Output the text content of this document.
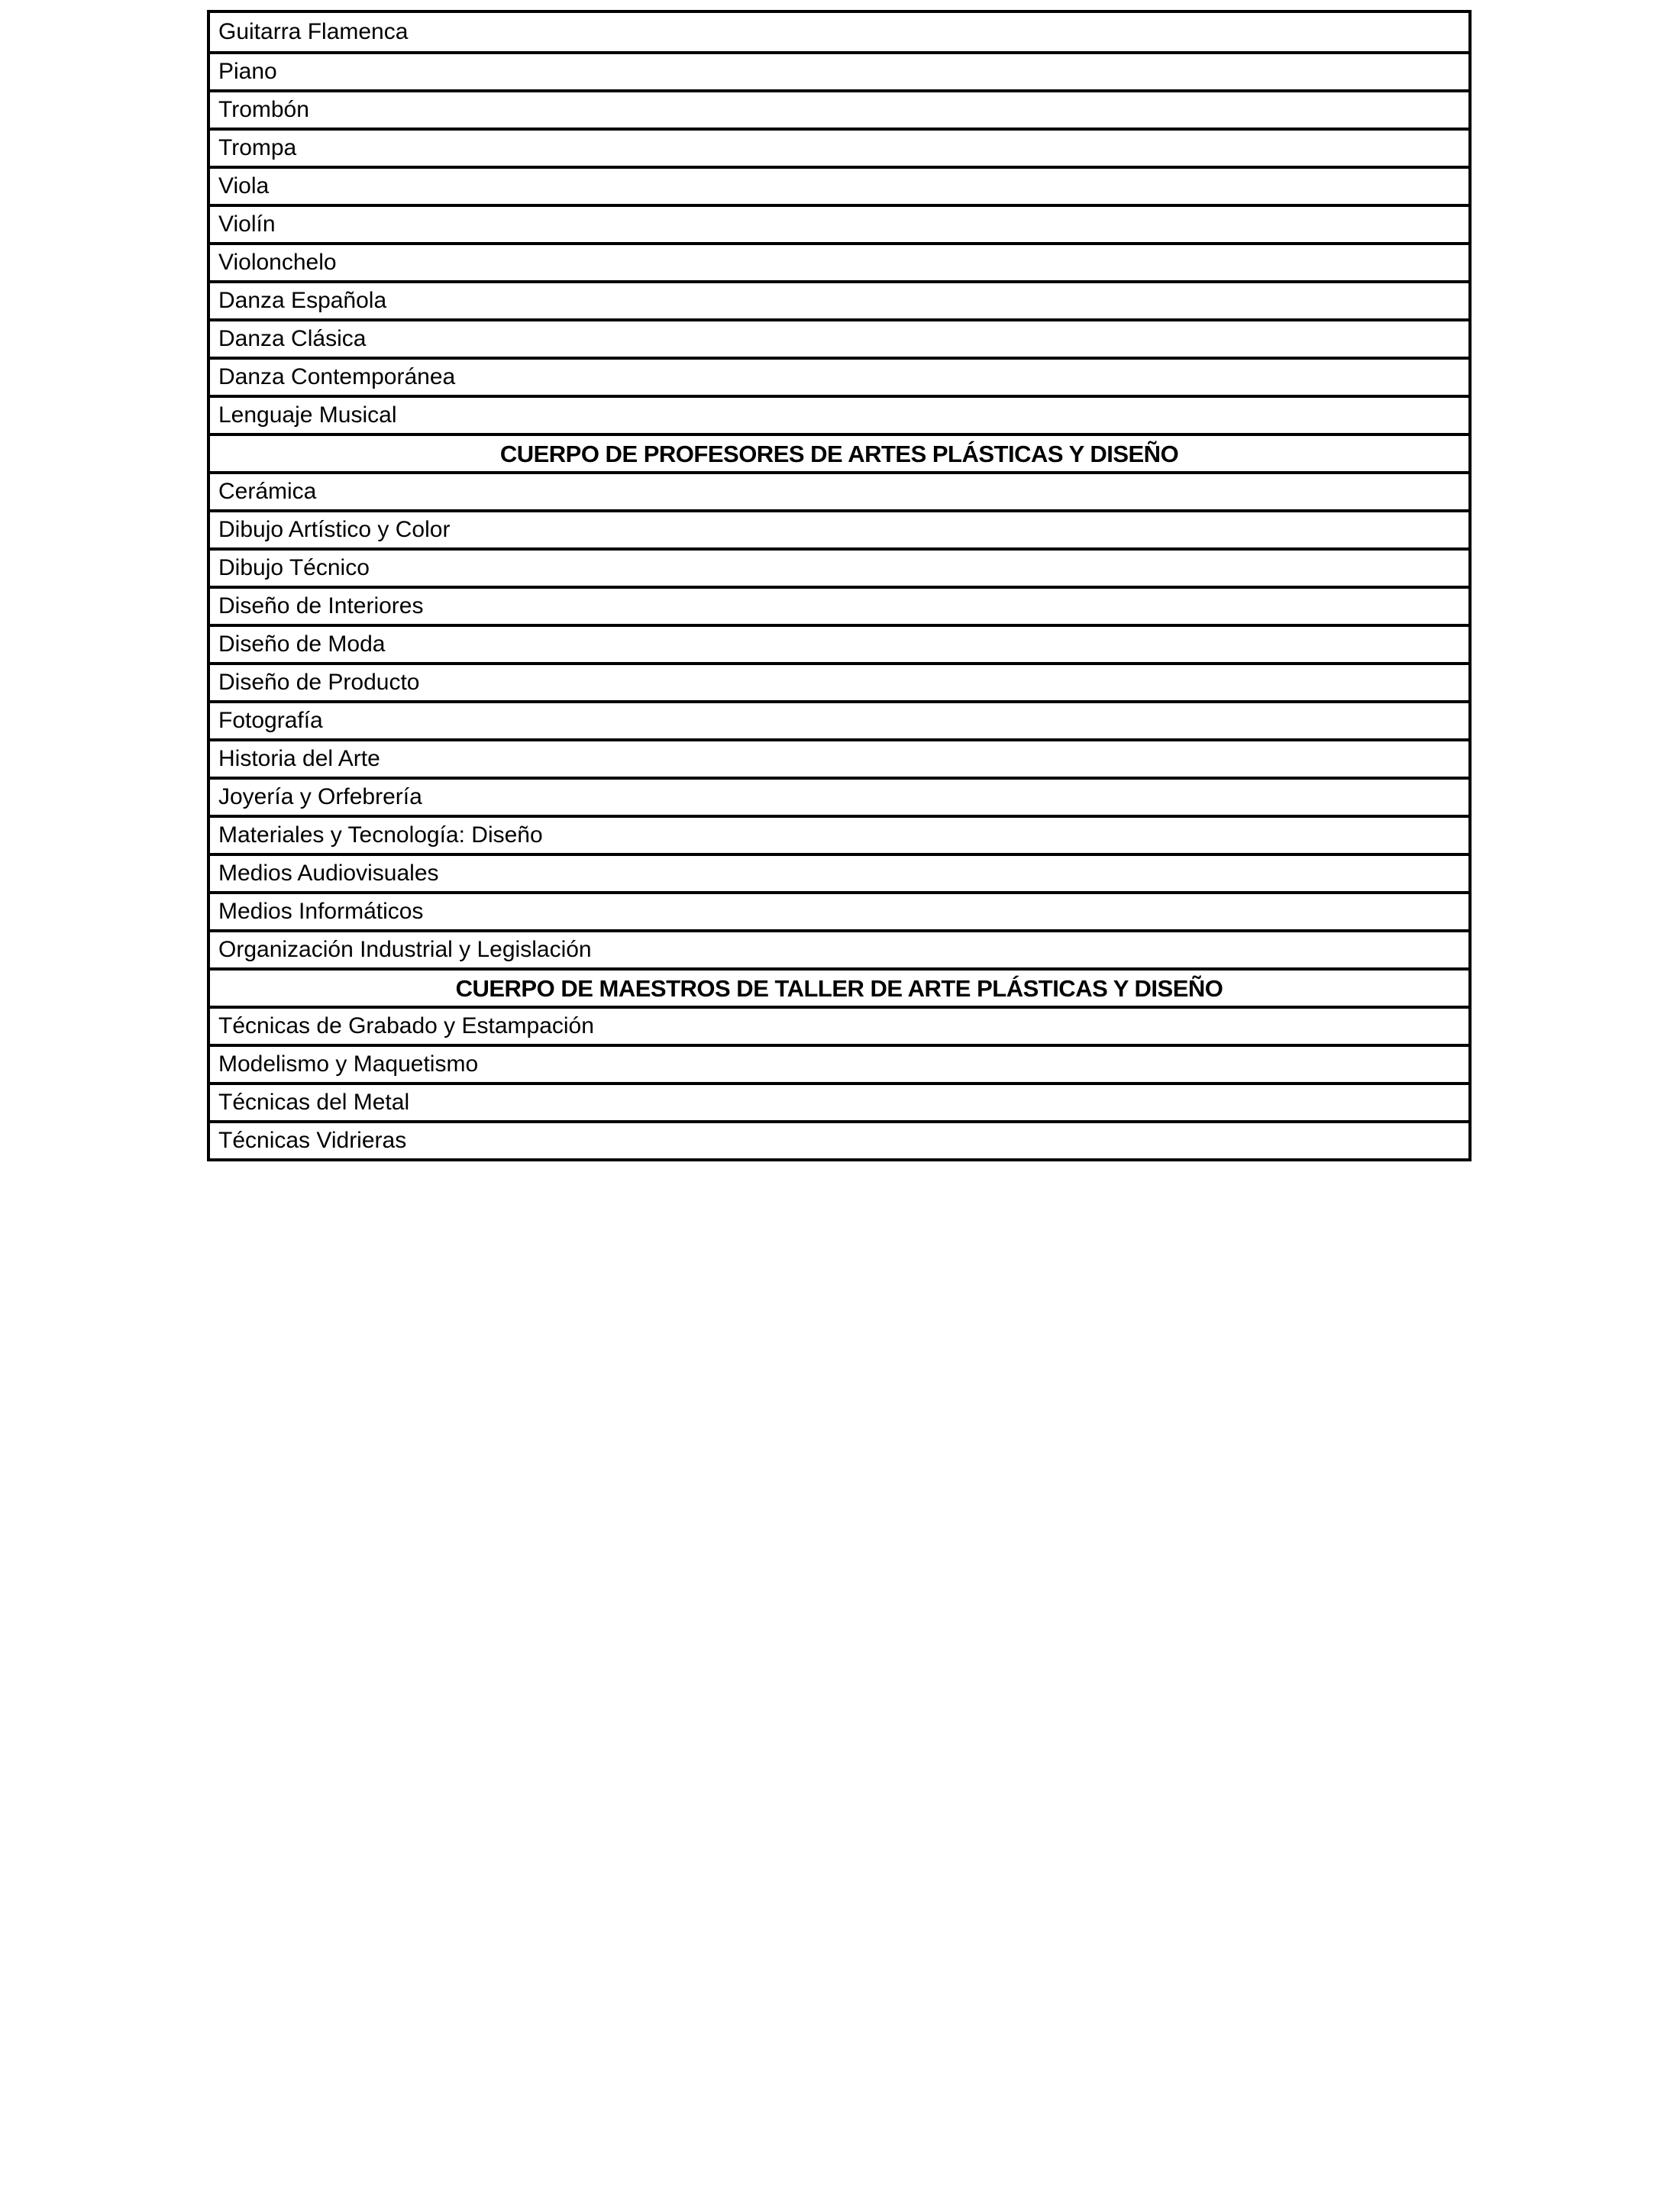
Guitarra Flamenca
Piano
Trombón
Trompa
Viola
Violín
Violonchelo
Danza Española
Danza Clásica
Danza Contemporánea
Lenguaje Musical
CUERPO DE PROFESORES DE ARTES PLÁSTICAS Y DISEÑO
Cerámica
Dibujo Artístico y Color
Dibujo Técnico
Diseño de Interiores
Diseño de Moda
Diseño de Producto
Fotografía
Historia del Arte
Joyería y Orfebrería
Materiales y Tecnología: Diseño
Medios Audiovisuales
Medios Informáticos
Organización Industrial y Legislación
CUERPO DE MAESTROS DE TALLER DE ARTE PLÁSTICAS Y DISEÑO
Técnicas de Grabado y Estampación
Modelismo y Maquetismo
Técnicas del Metal
Técnicas Vidrieras
